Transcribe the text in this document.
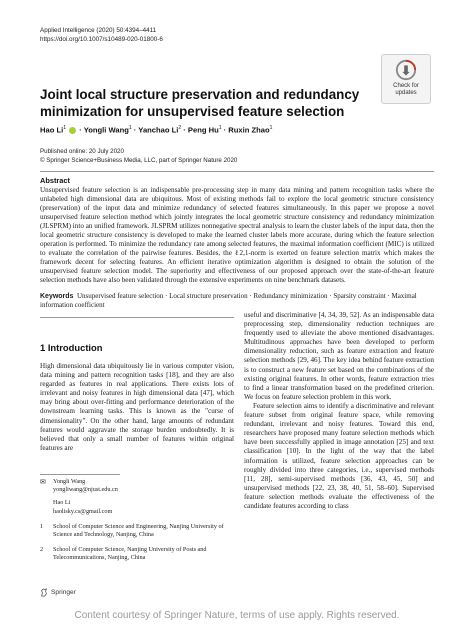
Applied Intelligence (2020) 50:4394–4411
https://doi.org/10.1007/s10489-020-01800-6
Check for
updates
Joint local structure preservation and redundancy minimization for unsupervised feature selection
Hao Li$^1$  · Yongli Wang$^1$ · Yanchao $Li^2$ · Peng $Hu^1$ · Ruxin Zhao$^1$
Published online: 20 July 2020
© Springer Science+Business Media, LLC, part of Springer Nature 2020
Abstract
Unsupervised feature selection is an indispensable pre-processing step in many data mining and pattern recognition tasks where the unlabeled high dimensional data are ubiquitous. Most of existing methods fail to explore the local geometric structure consistency (preservation) of the input data and minimize redundancy of selected features simultaneously. In this paper we propose a novel unsupervised feature selection method which jointly integrates the local geometric structure consistency and redundancy minimization (JLSPRM) into an unified framework. JLSPRM utilizes nonnegative spectral analysis to learn the cluster labels of the input data, then the local geometric structure consistency is developed to make the learned cluster labels more accurate, during which the feature selection operation is performed. To minimize the redundancy rate among selected features, the maximal information coefficient (MIC) is utilized to evaluate the correlation of the pairwise features. Besides, the ℓ2,1-norm is exerted on feature selection matrix which makes the framework decent for selecting features. An efficient iterative optimization algorithm is designed to obtain the solution of the unsupervised feature selection model. The superiority and effectiveness of our proposed approach over the state-of-the-art feature selection methods have also been validated through the extensive experiments on nine benchmark datasets.
Keywords Unsupervised feature selection · Local structure preservation · Redundancy minimization · Sparsity constraint · Maximal information coefficient
1 Introduction
High dimensional data ubiquitously lie in various computer vision, data mining and pattern recognition tasks [18], and they are also regarded as features in real applications. There exists lots of irrelevant and noisy features in high dimensional data [47], which may bring about over-fitting and performance deterioration of the downstream learning tasks. This is known as the "curse of dimensionality". On the other hand, large amounts of redundant features would aggravate the storage burden undoubtedly. It is believed that only a small number of features within original features are

useful and discriminative [4, 34, 39, 52]. As an indispensable data preprocessing step, dimensionality reduction techniques are frequently used to alleviate the above mentioned disadvantages. Multitudinous approaches have been developed to perform dimensionality reduction, such as feature extraction and feature selection methods [29, 46]. The key idea behind feature extraction is to construct a new feature set based on the combinations of the existing original features. In other words, feature extraction tries to find a linear transformation based on the predefined criterion. We focus on feature selection problem in this work.

Feature selection aims to identify a discriminative and relevant feature subset from original feature space, while removing redundant, irrelevant and noisy features. Toward this end, researchers have proposed many feature selection methods which have been successfully applied in image annotation [25] and text classification [10]. In the light of the way that the label information is utilized, feature selection approaches can be roughly divided into three categories, i.e., supervised methods [11, 28], semi-supervised methods [36, 43, 45, 50] and unsupervised methods [22, 23, 38, 40, 51, 58–60]. Supervised feature selection methods evaluate the effectiveness of the candidate features according to class

✉	Yongli Wang
yongliwang@njust.edu.cn
Hao Li
haolisky.cs@gmail.com
1	School of Computer Science and Engineering, Nanjing University of Science and Technology, Nanjing, China
2	School of Computer Science, Nanjing University of Posts and Telecommunications, Nanjing, China
Springer
Content courtesy of Springer Nature, terms of use apply. Rights reserved.
